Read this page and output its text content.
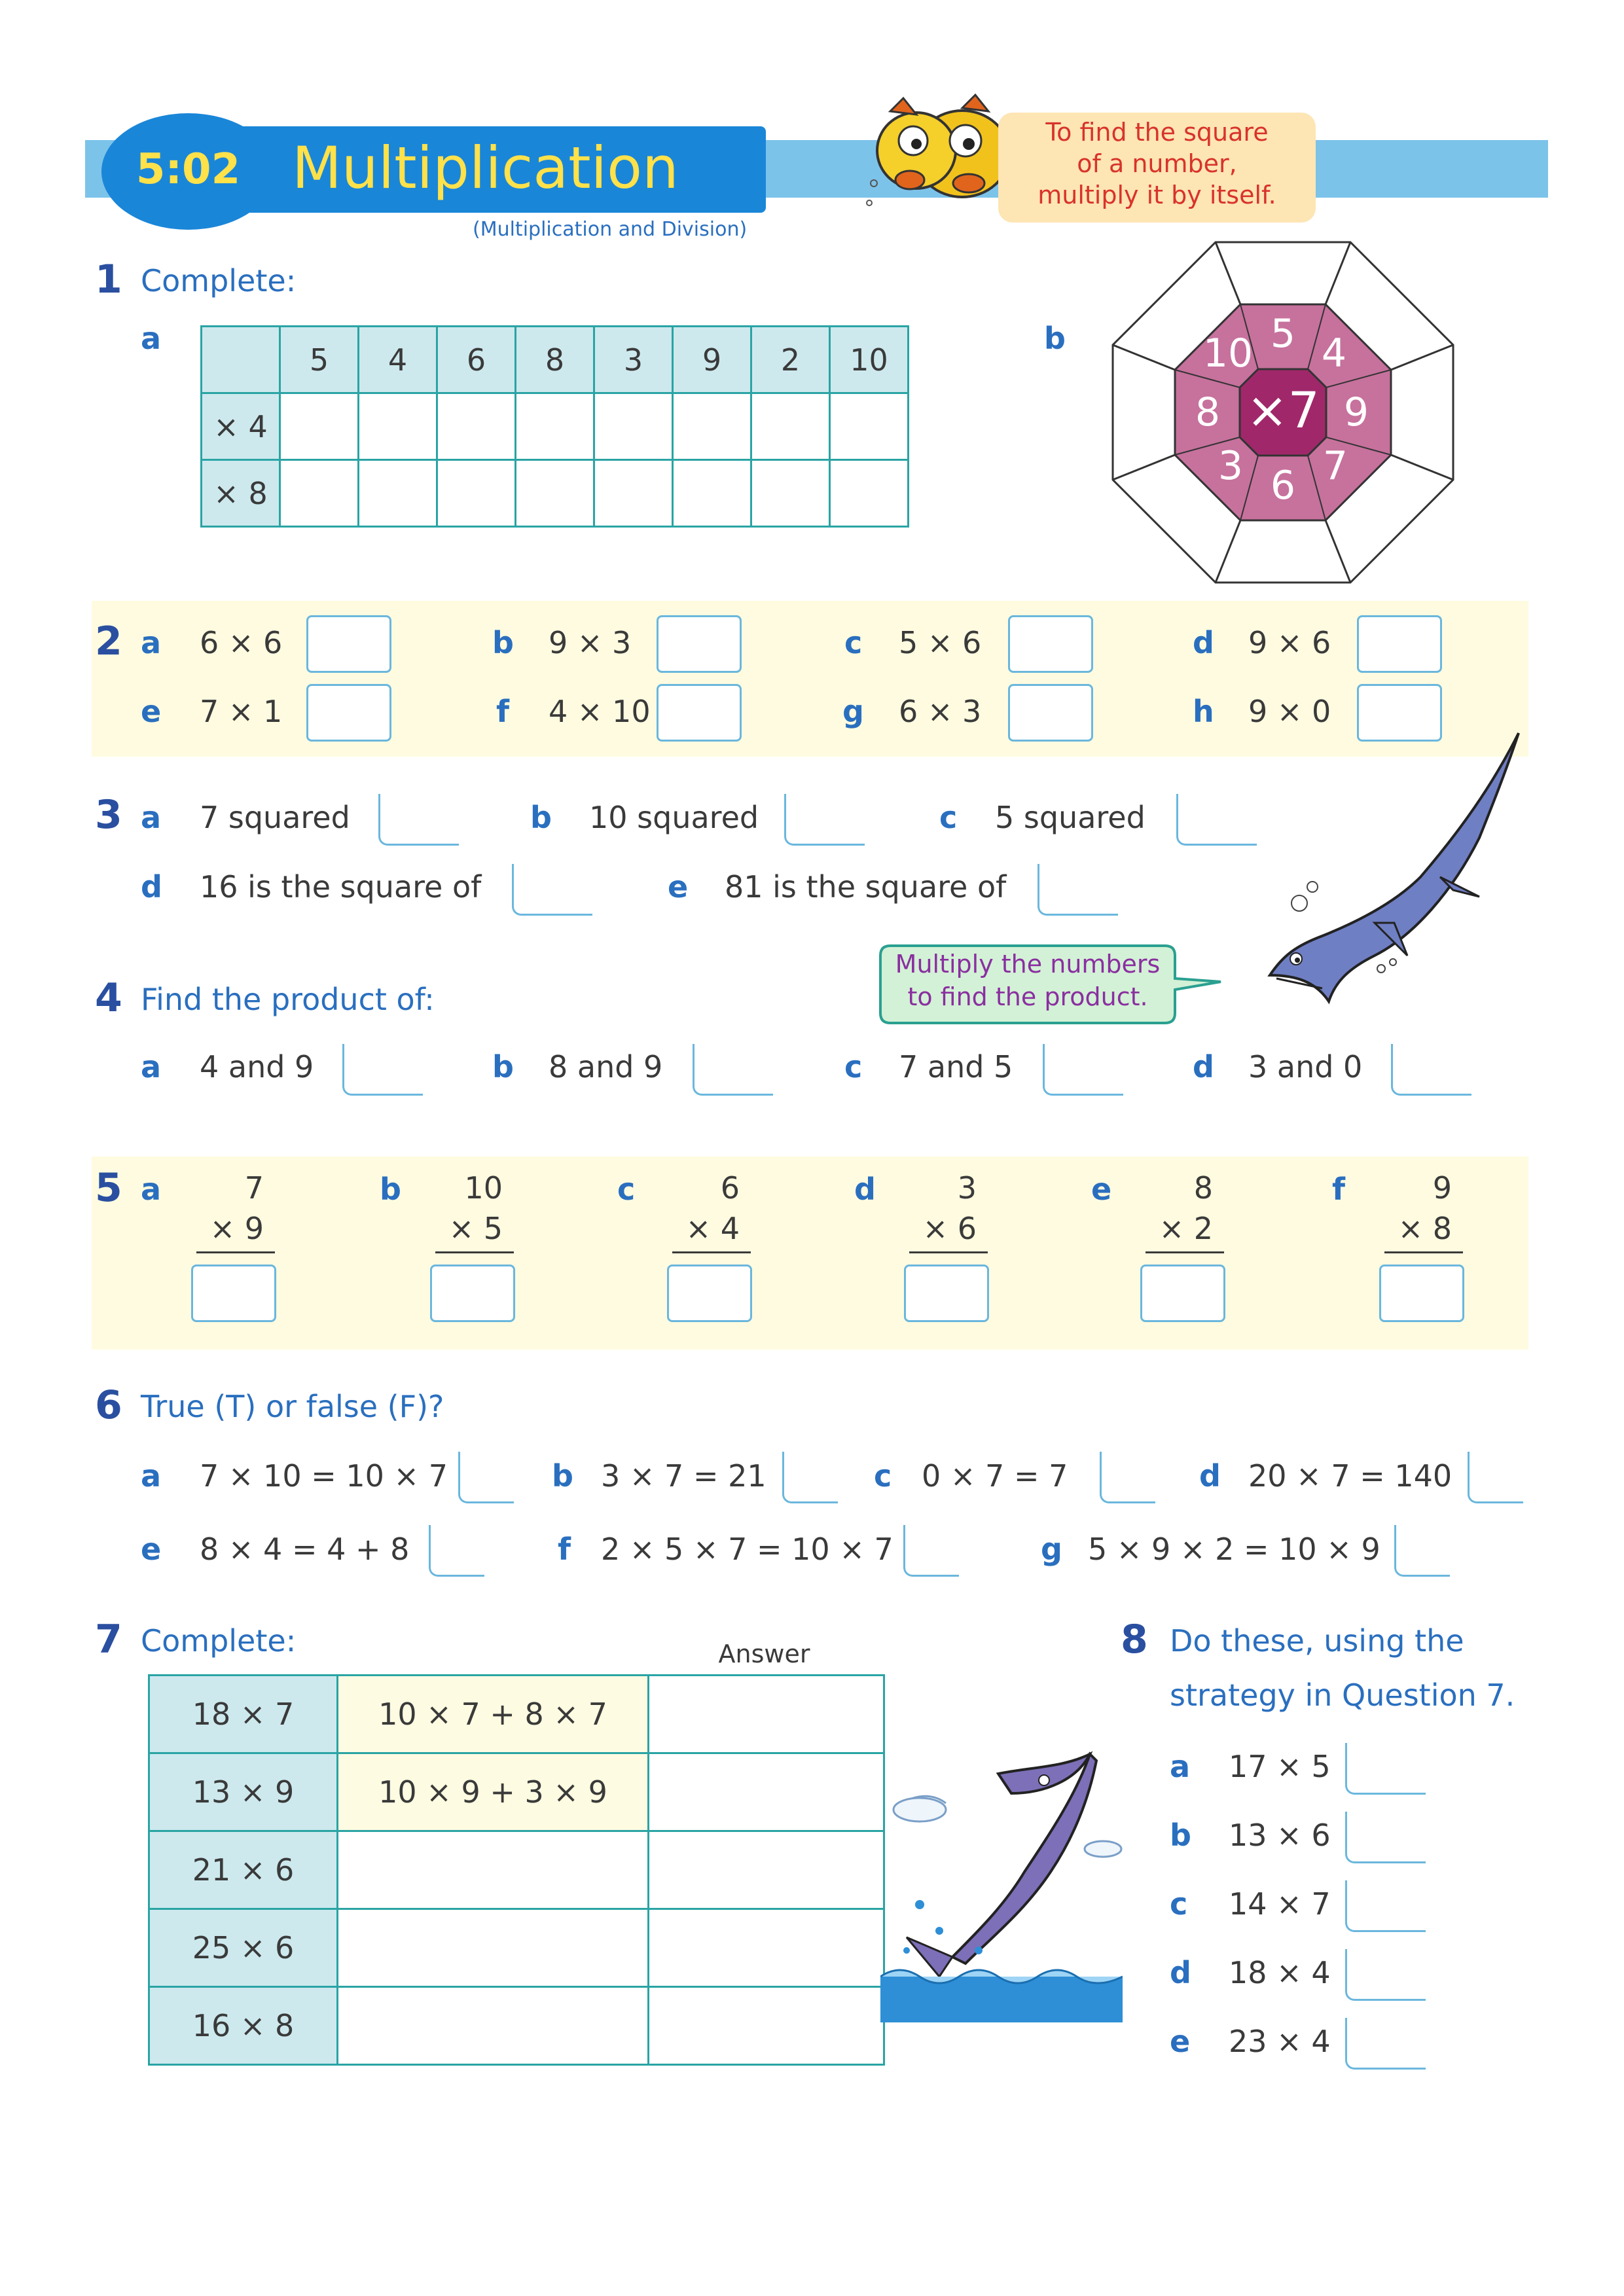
5:02 Multiplication
(Multiplication and Division)
To find the square
of a number,
multiply it by itself.
1 Complete:
a	b
	5	4	6	8	3	9	2	10
× 4								
× 8								
×7
5 4
9
7
6
3
8
10
2 a 6 × 6	b 9 × 3	c 5 × 6	d 9 × 6
e 7 × 1	f 4 × 10	g 6 × 3	h 9 × 0
3 a 7 squared	b 10 squared	c 5 squared
d 16 is the square of	e 81 is the square of
4 Find the product of:
Multiply the numbers
to find the product.
a 4 and 9	b 8 and 9	c 7 and 5	d 3 and 0
5 a	7
× 9
b	10
× 5
c	6
× 4
d	3
× 6
e	8
× 2
f	9
× 8
6 True (T) or false (F)?
a 7 × 10 = 10 × 7	b 3 × 7 = 21	c 0 × 7 = 7	d 20 × 7 = 140
e 8 × 4 = 4 + 8	f 2 × 5 × 7 = 10 × 7	g 5 × 9 × 2 = 10 × 9
7 Complete:	Answer
18 × 7	10 × 7 + 8 × 7	
13 × 9	10 × 9 + 3 × 9	
21 × 6		
25 × 6		
16 × 8		
8 Do these, using the
strategy in Question 7.
a 17 × 5
b 13 × 6
c 14 × 7
d 18 × 4
e 23 × 4
